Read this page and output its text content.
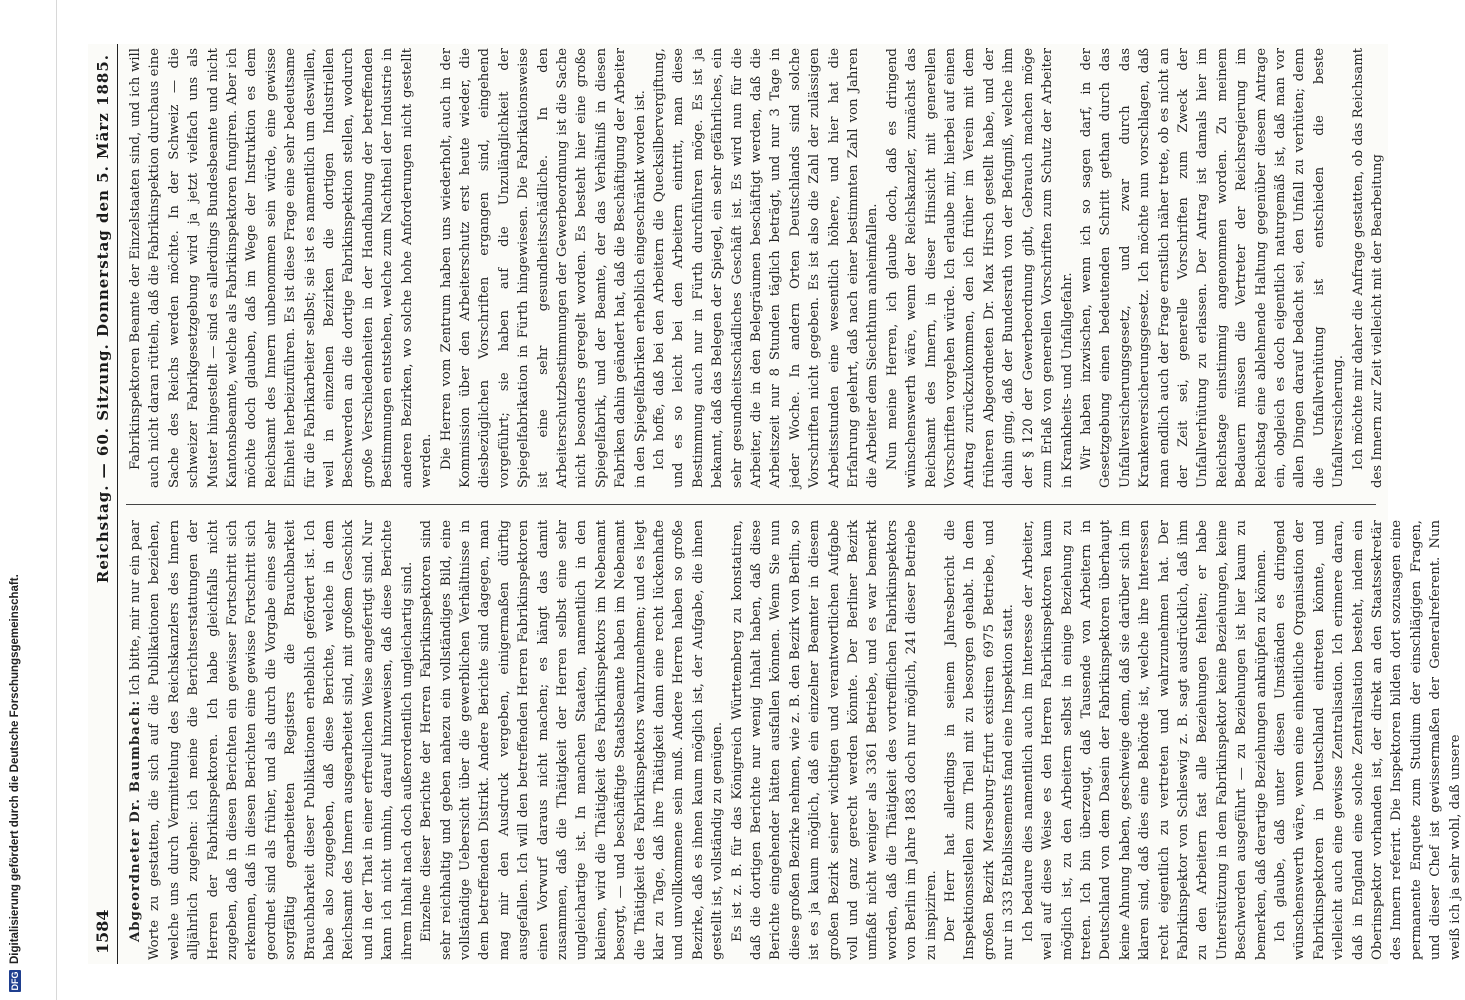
DFG
Digitalisierung gefördert durch die Deutsche Forschungsgemeinschaft.	1584
Reichstag. — 60. Sitzung. Donnerstag den 5. März 1885.

Abgeordneter Dr. Baumbach: Ich bitte, mir nur ein paar Worte zu gestatten, die sich auf die Publikationen beziehen, welche uns durch Vermittelung des Reichskanzlers des Innern alljährlich zugehen: ich meine die Berichtserstattungen der Herren der Fabrikinspektoren. Ich habe gleichfalls nicht zugeben, daß in diesen Berichten ein gewisser Fortschritt sich erkennen, daß in diesen Berichten eine gewisse Fortschritt sich geordnet sind als früher, und als durch die Vorgabe eines sehr sorgfältig gearbeiteten Registers die Brauchbarkeit Brauchbarkeit dieser Publikationen erheblich gefördert ist. Ich habe also zugegeben, daß diese Berichte, welche in dem Reichsamt des Innern ausgearbeitet sind, mit großem Geschick und in der That in einer erfreulichen Weise angefertigt sind. Nur kann ich nicht umhin, darauf hinzuweisen, daß diese Berichte ihrem Inhalt nach doch außerordentlich ungleichartig sind. Einzelne dieser Berichte der Herren Fabrikinspektoren sind sehr reichhaltig und geben nahezu ein vollständiges Bild, eine vollständige Uebersicht über die gewerblichen Verhältnisse in dem betreffenden Distrikt. Andere Berichte sind dagegen, man mag mir den Ausdruck vergeben, einigermaßen dürftig ausgefallen. Ich will den betreffenden Herren Fabrikinspektoren einen Vorwurf daraus nicht machen; es hängt das damit zusammen, daß die Thätigkeit der Herren selbst eine sehr ungleichartige ist. In manchen Staaten, namentlich in den kleinen, wird die Thätigkeit des Fabrikinspektors im Nebenamt besorgt, — und beschäftigte Staatsbeamte haben im Nebenamt die Thätigkeit des Fabrikinspektors wahrzunehmen; und es liegt klar zu Tage, daß ihre Thätigkeit dann eine recht lückenhafte und unvollkommene sein muß. Andere Herren haben so große Bezirke, daß es ihnen kaum möglich ist, der Aufgabe, die ihnen gestellt ist, vollständig zu genügen. Es ist z. B. für das Königreich Württemberg zu konstatiren, daß die dortigen Berichte nur wenig Inhalt haben, daß diese Berichte eingehender hätten ausfallen können. Wenn Sie nun diese großen Bezirke nehmen, wie z. B. den Bezirk von Berlin, so ist es ja kaum möglich, daß ein einzelner Beamter in diesem großen Bezirk seiner wichtigen und verantwortlichen Aufgabe voll und ganz gerecht werden könnte. Der Berliner Bezirk umfaßt nicht weniger als 3361 Betriebe, und es war bemerkt worden, daß die Thätigkeit des vortrefflichen Fabrikinspektors von Berlin im Jahre 1883 doch nur möglich, 241 dieser Betriebe zu inspiziren. Der Herr hat allerdings in seinem Jahresbericht die Inspektionsstellen zum Theil mit zu besorgen gehabt. In dem großen Bezirk Merseburg-Erfurt existiren 6975 Betriebe, und nur in 333 Etablissements fand eine Inspektion statt. Ich bedaure dies namentlich auch im Interesse der Arbeiter, weil auf diese Weise es den Herren Fabrikinspektoren kaum möglich ist, zu den Arbeitern selbst in einige Beziehung zu treten. Ich bin überzeugt, daß Tausende von Arbeitern in Deutschland von dem Dasein der Fabrikinspektoren überhaupt keine Ahnung haben, geschweige denn, daß sie darüber sich im klaren sind, daß dies eine Behörde ist, welche ihre Interessen recht eigentlich zu vertreten und wahrzunehmen hat. Der Fabrikinspektor von Schleswig z. B. sagt ausdrücklich, daß ihm zu den Arbeitern fast alle Beziehungen fehlten; er habe Unterstützung in dem Fabrikinspektor keine Beziehungen, keine Beschwerden ausgeführt — zu Beziehungen ist hier kaum zu bemerken, daß derartige Beziehungen anknüpfen zu können. Ich glaube, daß unter diesen Umständen es dringend wünschenswerth wäre, wenn eine einheitliche Organisation der Fabrikinspektoren in Deutschland eintreten könnte, und vielleicht auch eine gewisse Zentralisation. Ich erinnere daran, daß in England eine solche Zentralisation besteht, indem ein Oberinspektor vorhanden ist, der direkt an den Staatssekretär des Innern referirt. Die Inspektoren bilden dort sozusagen eine permanente Enquete zum Studium der einschlägigen Fragen, und dieser Chef ist gewissermaßen der Generalreferent. Nun weiß ich ja sehr wohl, daß unsere

Fabrikinspektoren Beamte der Einzelstaaten sind, und ich will auch nicht daran rütteln, daß die Fabrikinspektion durchaus eine Sache des Reichs werden möchte. In der Schweiz — die schweizer Fabrikgesetzgebung wird ja jetzt vielfach uns als Muster hingestellt — sind es allerdings Bundesbeamte und nicht Kantonsbeamte, welche als Fabrikinspektoren fungiren. Aber ich möchte doch glauben, daß im Wege der Instruktion es dem Reichsamt des Innern unbenommen sein würde, eine gewisse Einheit herbeizuführen. Es ist diese Frage eine sehr bedeutsame für die Fabrikarbeiter selbst; sie ist es namentlich um deswillen, weil in einzelnen Bezirken die dortigen Industriellen Beschwerden an die dortige Fabrikinspektion stellen, wodurch große Verschiedenheiten in der Handhabung der betreffenden Bestimmungen entstehen, welche zum Nachtheil der Industrie in anderen Bezirken, wo solche hohe Anforderungen nicht gestellt werden. Die Herren vom Zentrum haben uns wiederholt, auch in der Kommission über den Arbeiterschutz erst heute wieder, die diesbezüglichen Vorschriften ergangen sind, eingehend vorgeführt; sie haben auf die Unzulänglichkeit der Spiegelfabrikation in Fürth hingewiesen. Die Fabrikationsweise ist eine sehr gesundheitsschädliche. In den Arbeiterschutzbestimmungen der Gewerbeordnung ist die Sache nicht besonders geregelt worden. Es besteht hier eine große Spiegelfabrik, und der Beamte, der das Verhältniß in diesen Fabriken dahin geändert hat, daß die Beschäftigung der Arbeiter in den Spiegelfabriken erheblich eingeschränkt worden ist. Ich hoffe, daß bei den Arbeitern die Quecksilbervergiftung, und es so leicht bei den Arbeitern eintritt, man diese Bestimmung auch nur in Fürth durchführen möge. Es ist ja bekannt, daß das Belegen der Spiegel, ein sehr gefährliches, ein sehr gesundheitsschädliches Geschäft ist. Es wird nun für die Arbeiter, die in den Belegräumen beschäftigt werden, daß die Arbeitszeit nur 8 Stunden täglich beträgt, und nur 3 Tage in jeder Woche. In andern Orten Deutschlands sind solche Vorschriften nicht gegeben. Es ist also die Zahl der zulässigen Arbeitsstunden eine wesentlich höhere, und hier hat die Erfahrung gelehrt, daß nach einer bestimmten Zahl von Jahren die Arbeiter dem Siechthum anheimfallen. Nun meine Herren, ich glaube doch, daß es dringend wünschenswerth wäre, wenn der Reichskanzler, zunächst das Reichsamt des Innern, in dieser Hinsicht mit generellen Vorschriften vorgehen würde. Ich erlaube mir, hierbei auf einen Antrag zurückzukommen, den ich früher im Verein mit dem früheren Abgeordneten Dr. Max Hirsch gestellt habe, und der dahin ging, daß der Bundesrath von der Befugniß, welche ihm der § 120 der Gewerbeordnung gibt, Gebrauch machen möge zum Erlaß von generellen Vorschriften zum Schutz der Arbeiter in Krankheits- und Unfallgefahr. Wir haben inzwischen, wenn ich so sagen darf, in der Gesetzgebung einen bedeutenden Schritt gethan durch das Unfallversicherungsgesetz, und zwar durch das Krankenversicherungsgesetz. Ich möchte nun vorschlagen, daß man endlich auch der Frage ernstlich näher trete, ob es nicht an der Zeit sei, generelle Vorschriften zum Zweck der Unfallverhütung zu erlassen. Der Antrag ist damals hier im Reichstage einstimmig angenommen worden. Zu meinem Bedauern müssen die Vertreter der Reichsregierung im Reichstag eine ablehnende Haltung gegenüber diesem Antrage ein, obgleich es doch eigentlich naturgemäß ist, daß man vor allen Dingen darauf bedacht sei, den Unfall zu verhüten; denn die Unfallverhütung ist entschieden die beste Unfallversicherung. Ich möchte mir daher die Anfrage gestatten, ob das Reichsamt des Innern zur Zeit vielleicht mit der Bearbeitung
